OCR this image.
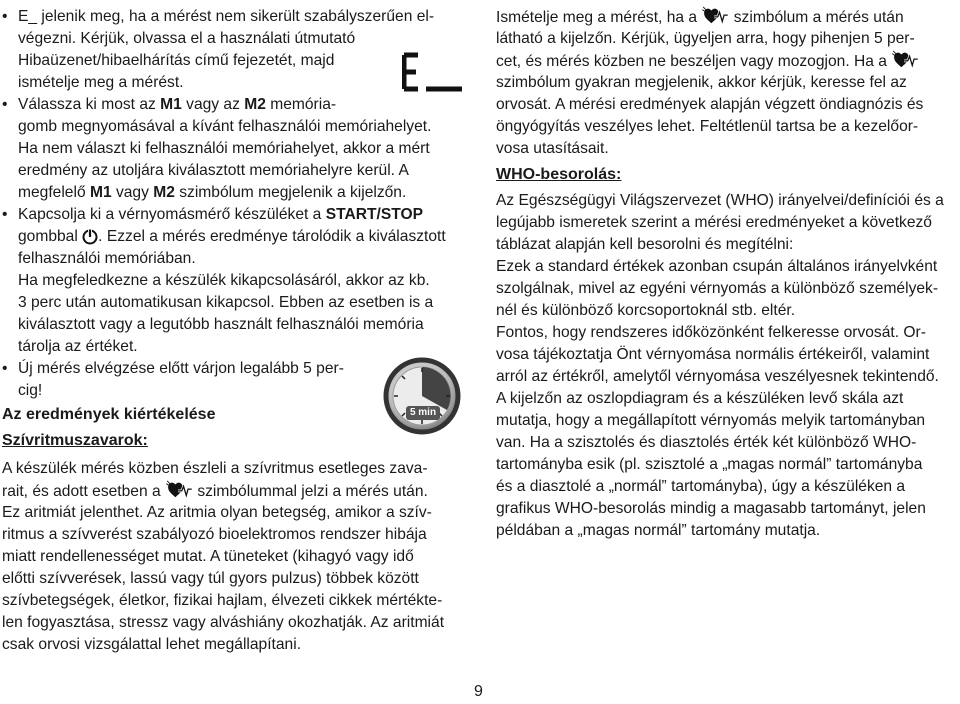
• E_ jelenik meg, ha a mérést nem sikerült szabályszerűen el-
végezni. Kérjük, olvassa el a használati útmutató
Hibaüzenet/hibaelhárítás című fejezetét, majd
ismételje meg a mérést.
• Válassza ki most az M1 vagy az M2 memória-
gomb megnyomásával a kívánt felhasználói memóriahelyet.
Ha nem választ ki felhasználói memóriahelyet, akkor a mért
eredmény az utoljára kiválasztott memóriahelyre kerül. A
megfelelő M1 vagy M2 szimbólum megjelenik a kijelzőn.
• Kapcsolja ki a vérnyomásmérő készüléket a START/STOP
gombbal . Ezzel a mérés eredménye tárolódik a kiválasztott
felhasználói memóriában.
Ha megfeledkezne a készülék kikapcsolásáról, akkor az kb.
3 perc után automatikusan kikapcsol. Ebben az esetben is a
kiválasztott vagy a legutóbb használt felhasználói memória
tárolja az értéket.
• Új mérés elvégzése előtt várjon legalább 5 per-
cig!
Az eredmények kiértékelése
Szívritmuszavarok:
A készülék mérés közben észleli a szívritmus esetleges zava-
rait, és adott esetben a  szimbólummal jelzi a mérés után.
Ez aritmiát jelenthet. Az aritmia olyan betegség, amikor a szív-
ritmus a szívverést szabályozó bioelektromos rendszer hibája
miatt rendellenességet mutat. A tüneteket (kihagyó vagy idő
előtti szívverések, lassú vagy túl gyors pulzus) többek között
szívbetegségek, életkor, fizikai hajlam, élvezeti cikkek mértékte-
len fogyasztása, stressz vagy alváshiány okozhatják. Az aritmiát
csak orvosi vizsgálattal lehet megállapítani.
5 min
Ismételje meg a mérést, ha a  szimbólum a mérés után
látható a kijelzőn. Kérjük, ügyeljen arra, hogy pihenjen 5 per-
cet, és mérés közben ne beszéljen vagy mozogjon. Ha a
szimbólum gyakran megjelenik, akkor kérjük, keresse fel az
orvosát. A mérési eredmények alapján végzett öndiagnózis és
öngyógyítás veszélyes lehet. Feltétlenül tartsa be a kezelőor-
vosa utasításait.
WHO-besorolás:
Az Egészségügyi Világszervezet (WHO) irányelvei/definíciói és a
legújabb ismeretek szerint a mérési eredményeket a következő
táblázat alapján kell besorolni és megítélni:
Ezek a standard értékek azonban csupán általános irányelvként
szolgálnak, mivel az egyéni vérnyomás a különböző személyek-
nél és különböző korcsoportoknál stb. eltér.
Fontos, hogy rendszeres időközönként felkeresse orvosát. Or-
vosa tájékoztatja Önt vérnyomása normális értékeiről, valamint
arról az értékről, amelytől vérnyomása veszélyesnek tekintendő.
A kijelzőn az oszlopdiagram és a készüléken levő skála azt
mutatja, hogy a megállapított vérnyomás melyik tartományban
van. Ha a szisztolés és diasztolés érték két különböző WHO-
tartományba esik (pl. szisztolé a „magas normál” tartományba
és a diasztolé a „normál” tartományba), úgy a készüléken a
grafikus WHO-besorolás mindig a magasabb tartományt, jelen
példában a „magas normál” tartomány mutatja.
9
